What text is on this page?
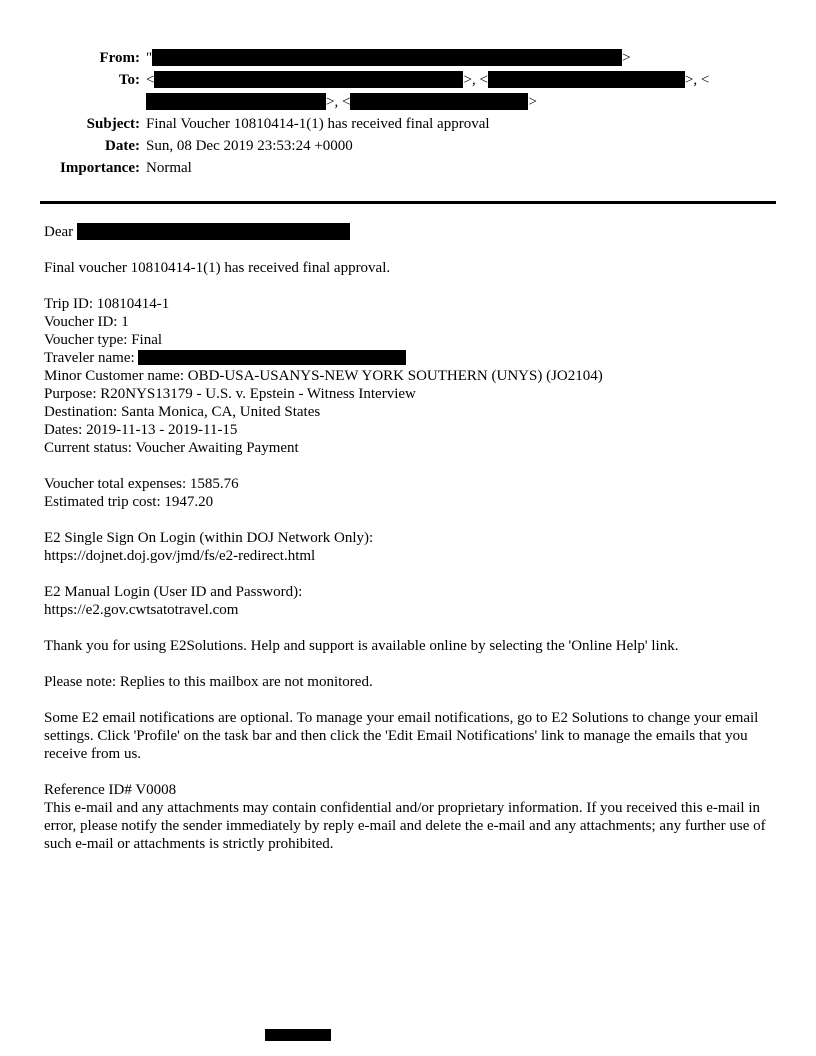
From: "	>
To: <	>, <	>, <>, <	>
Subject: Final Voucher 10810414-1(1) has received final approval
Date: Sun, 08 Dec 2019 23:53:24 +0000
Importance: Normal

Dear

Final voucher 10810414-1(1) has received final approval.

Trip ID: 10810414-1
Voucher ID: 1
Voucher type: Final
Traveler name:
Minor Customer name: OBD-USA-USANYS-NEW YORK SOUTHERN (UNYS) (JO2104)
Purpose: R20NYS13179 - U.S. v. Epstein - Witness Interview
Destination: Santa Monica, CA, United States
Dates: 2019-11-13 - 2019-11-15
Current status: Voucher Awaiting Payment

Voucher total expenses: 1585.76
Estimated trip cost: 1947.20

E2 Single Sign On Login (within DOJ Network Only):
https://dojnet.doj.gov/jmd/fs/e2-redirect.html

E2 Manual Login (User ID and Password):
https://e2.gov.cwtsatotravel.com

Thank you for using E2Solutions. Help and support is available online by selecting the 'Online Help' link.

Please note: Replies to this mailbox are not monitored.

Some E2 email notifications are optional. To manage your email notifications, go to E2 Solutions to change your email settings. Click 'Profile' on the task bar and then click the 'Edit Email Notifications' link to manage the emails that you receive from us.

Reference ID# V0008
This e-mail and any attachments may contain confidential and/or proprietary information. If you received this e-mail in error, please notify the sender immediately by reply e-mail and delete the e-mail and any attachments; any further use of such e-mail or attachments is strictly prohibited.
